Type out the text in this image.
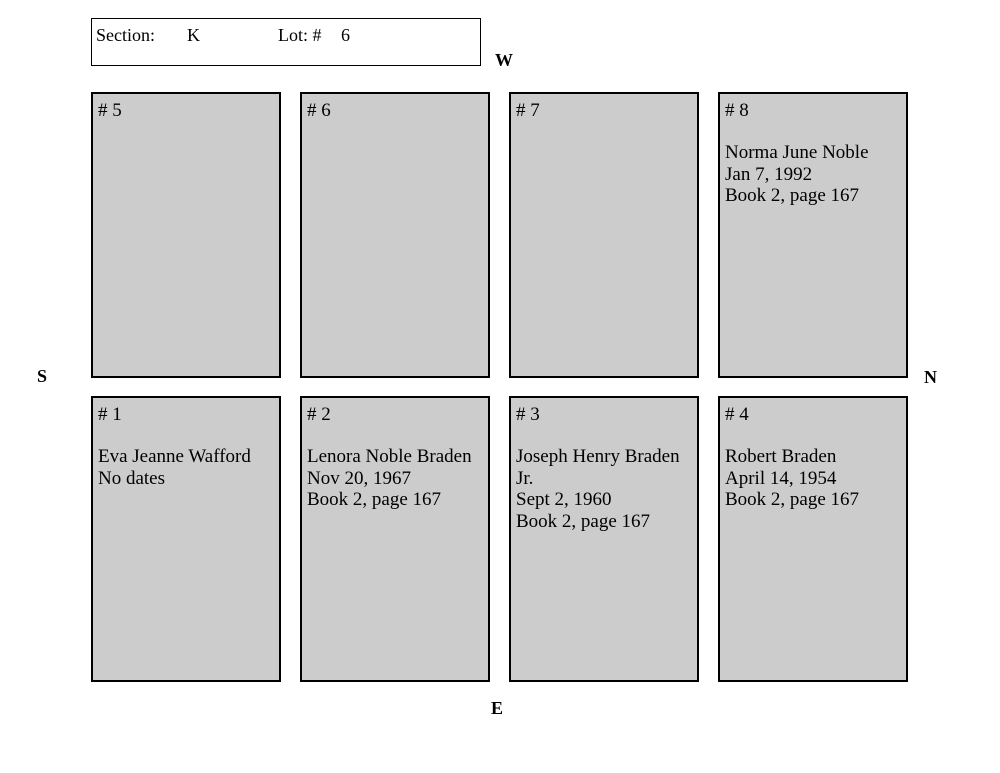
Section: K	Lot: # 6
W
S	N
E
# 5	# 6	# 7	# 8
Norma June Noble
Jan 7, 1992
Book 2, page 167
# 1
Eva Jeanne Wafford
No dates
# 2
Lenora Noble Braden
Nov 20, 1967
Book 2, page 167
# 3
Joseph Henry Braden
Jr.
Sept 2, 1960
Book 2, page 167
# 4
Robert Braden
April 14, 1954
Book 2, page 167
